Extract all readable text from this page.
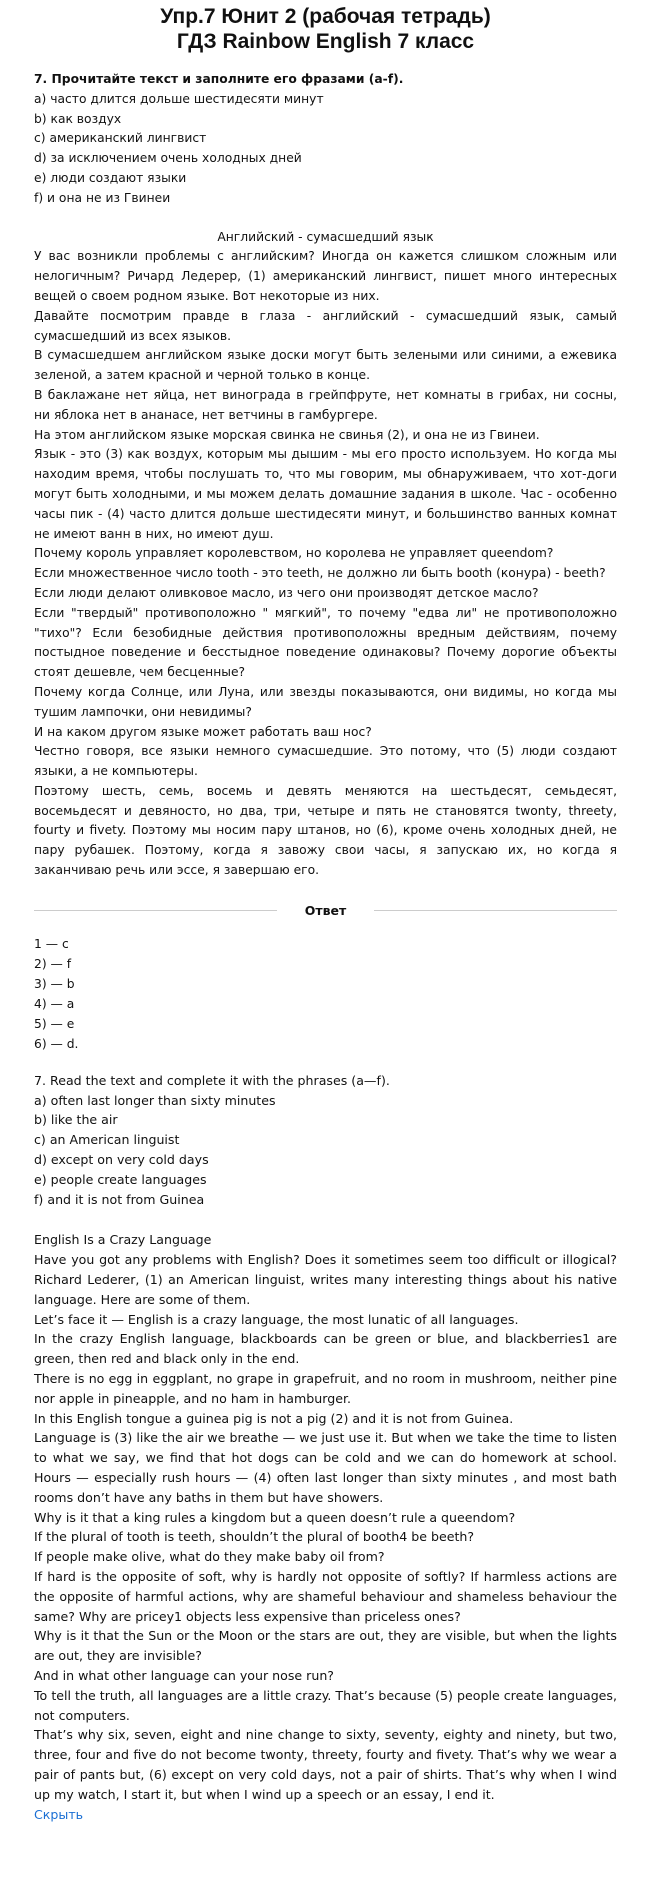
Упр.7 Юнит 2 (рабочая тетрадь)
ГДЗ Rainbow English 7 класс

7. Прочитайте текст и заполните его фразами (a-f).

а) часто длится дольше шестидесяти минут

b) как воздух

c) американский лингвист

d) за исключением очень холодных дней

e) люди создают языки

f) и она не из Гвинеи

Английский - сумасшедший язык

У вас возникли проблемы с английским? Иногда он кажется слишком сложным или нелогичным? Ричард Ледерер, (1) американский лингвист, пишет много интересных вещей о своем родном языке. Вот некоторые из них.

Давайте посмотрим правде в глаза - английский - сумасшедший язык, самый сумасшедший из всех языков.

В сумасшедшем английском языке доски могут быть зелеными или синими, а ежевика зеленой, а затем красной и черной только в конце.

В баклажане нет яйца, нет винограда в грейпфруте, нет комнаты в грибах, ни сосны, ни яблока нет в ананасе, нет ветчины в гамбургере.

На этом английском языке морская свинка не свинья (2), и она не из Гвинеи.

Язык - это (3) как воздух, которым мы дышим - мы его просто используем. Но когда мы находим время, чтобы послушать то, что мы говорим, мы обнаруживаем, что хот-доги могут быть холодными, и мы можем делать домашние задания в школе. Час - особенно часы пик - (4) часто длится дольше шестидесяти минут, и большинство ванных комнат не имеют ванн в них, но имеют душ.

Почему король управляет королевством, но королева не управляет queendom?

Если множественное число tooth - это teeth, не должно ли быть booth (конура) - beeth?

Если люди делают оливковое масло, из чего они производят детское масло?

Если "твердый" противоположно " мягкий", то почему "едва ли" не противоположно "тихо"? Если безобидные действия противоположны вредным действиям, почему постыдное поведение и бесстыдное поведение одинаковы? Почему дорогие объекты стоят дешевле, чем бесценные?

Почему когда Солнце, или Луна, или звезды показываются, они видимы, но когда мы тушим лампочки, они невидимы?

И на каком другом языке может работать ваш нос?

Честно говоря, все языки немного сумасшедшие. Это потому, что (5) люди создают языки, а не компьютеры.

Поэтому шесть, семь, восемь и девять меняются на шестьдесят, семьдесят, восемьдесят и девяносто, но два, три, четыре и пять не становятся twonty, threety, fourty и fivety. Поэтому мы носим пару штанов, но (6), кроме очень холодных дней, не пару рубашек. Поэтому, когда я завожу свои часы, я запускаю их, но когда я заканчиваю речь или эссе, я завершаю его.

Ответ

1 — c

2) — f

3) — b

4) — a

5) — e

6) — d.

7. Read the text and complete it with the phrases (a—f).

a) often last longer than sixty minutes

b) like the air

c) an American linguist

d) except on very cold days

e) people create languages

f) and it is not from Guinea

English Is a Crazy Language

Have you got any problems with English? Does it sometimes seem too difficult or illogical? Richard Lederer, (1) an American linguist, writes many interesting things about his native language. Here are some of them.

Let’s face it — English is a crazy language, the most lunatic of all languages.

In the crazy English language, blackboards can be green or blue, and blackberries1 are green, then red and black only in the end.

There is no egg in eggplant, no grape in grapefruit, and no room in mushroom, neither pine nor apple in pineapple, and no ham in hamburger.

In this English tongue a guinea pig is not a pig (2) and it is not from Guinea.

Language is (3) like the air we breathe — we just use it. But when we take the time to listen to what we say, we find that hot dogs can be cold and we can do homework at school. Hours — especially rush hours — (4) often last longer than sixty minutes , and most bath rooms don’t have any baths in them but have showers.

Why is it that a king rules a kingdom but a queen doesn’t rule a queendom?

If the plural of tooth is teeth, shouldn’t the plural of booth4 be beeth?

If people make olive, what do they make baby oil from?

If hard is the opposite of soft, why is hardly not opposite of softly? If harmless actions are the opposite of harmful actions, why are shameful behaviour and shameless behaviour the same? Why are pricey1 objects less expensive than priceless ones?

Why is it that the Sun or the Moon or the stars are out, they are visible, but when the lights are out, they are invisible?

And in what other language can your nose run?

To tell the truth, all languages are a little crazy. That’s because (5) people create languages, not computers.

That’s why six, seven, eight and nine change to sixty, seventy, eighty and ninety, but two, three, four and five do not become twonty, threety, fourty and fivety. That’s why we wear a pair of pants but, (6) except on very cold days, not a pair of shirts. That’s why when I wind up my watch, I start it, but when I wind up a speech or an essay, I end it.

Скрыть
